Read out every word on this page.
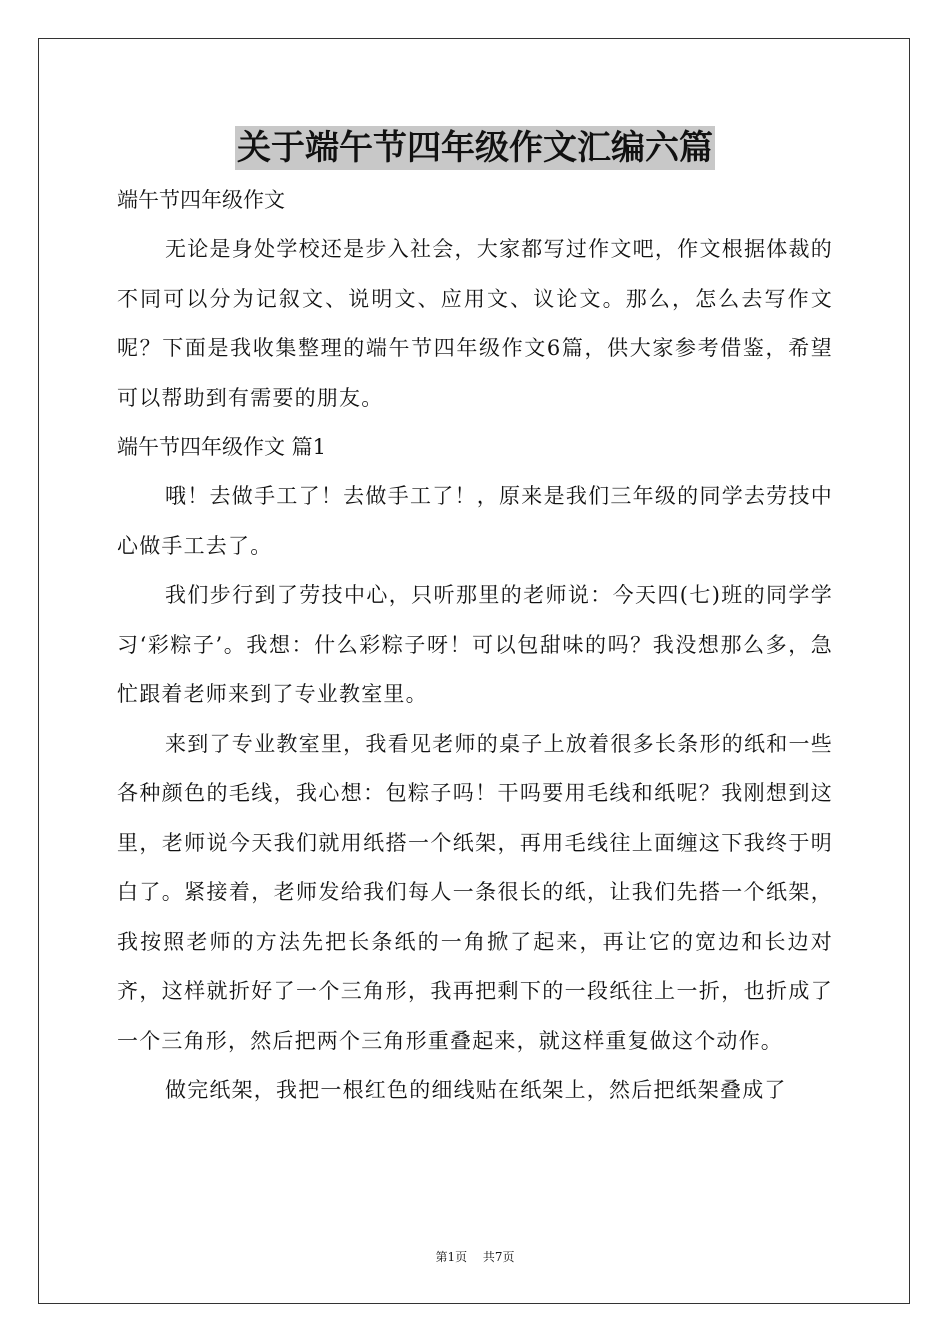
关于端午节四年级作文汇编六篇

端午节四年级作文

无论是身处学校还是步入社会，大家都写过作文吧，作文根据体裁的不同可以分为记叙文、说明文、应用文、议论文。那么，怎么去写作文呢？下面是我收集整理的端午节四年级作文6篇，供大家参考借鉴，希望可以帮助到有需要的朋友。

端午节四年级作文 篇1

哦！去做手工了！去做手工了！，原来是我们三年级的同学去劳技中心做手工去了。

我们步行到了劳技中心，只听那里的老师说：今天四(七)班的同学学习‘彩粽子’。我想：什么彩粽子呀！可以包甜味的吗？我没想那么多，急忙跟着老师来到了专业教室里。

来到了专业教室里，我看见老师的桌子上放着很多长条形的纸和一些各种颜色的毛线，我心想：包粽子吗！干吗要用毛线和纸呢？我刚想到这里，老师说今天我们就用纸搭一个纸架，再用毛线往上面缠这下我终于明白了。紧接着，老师发给我们每人一条很长的纸，让我们先搭一个纸架，我按照老师的方法先把长条纸的一角掀了起来，再让它的宽边和长边对齐，这样就折好了一个三角形，我再把剩下的一段纸往上一折，也折成了一个三角形，然后把两个三角形重叠起来，就这样重复做这个动作。

做完纸架，我把一根红色的细线贴在纸架上，然后把纸架叠成了

第1页 共7页
